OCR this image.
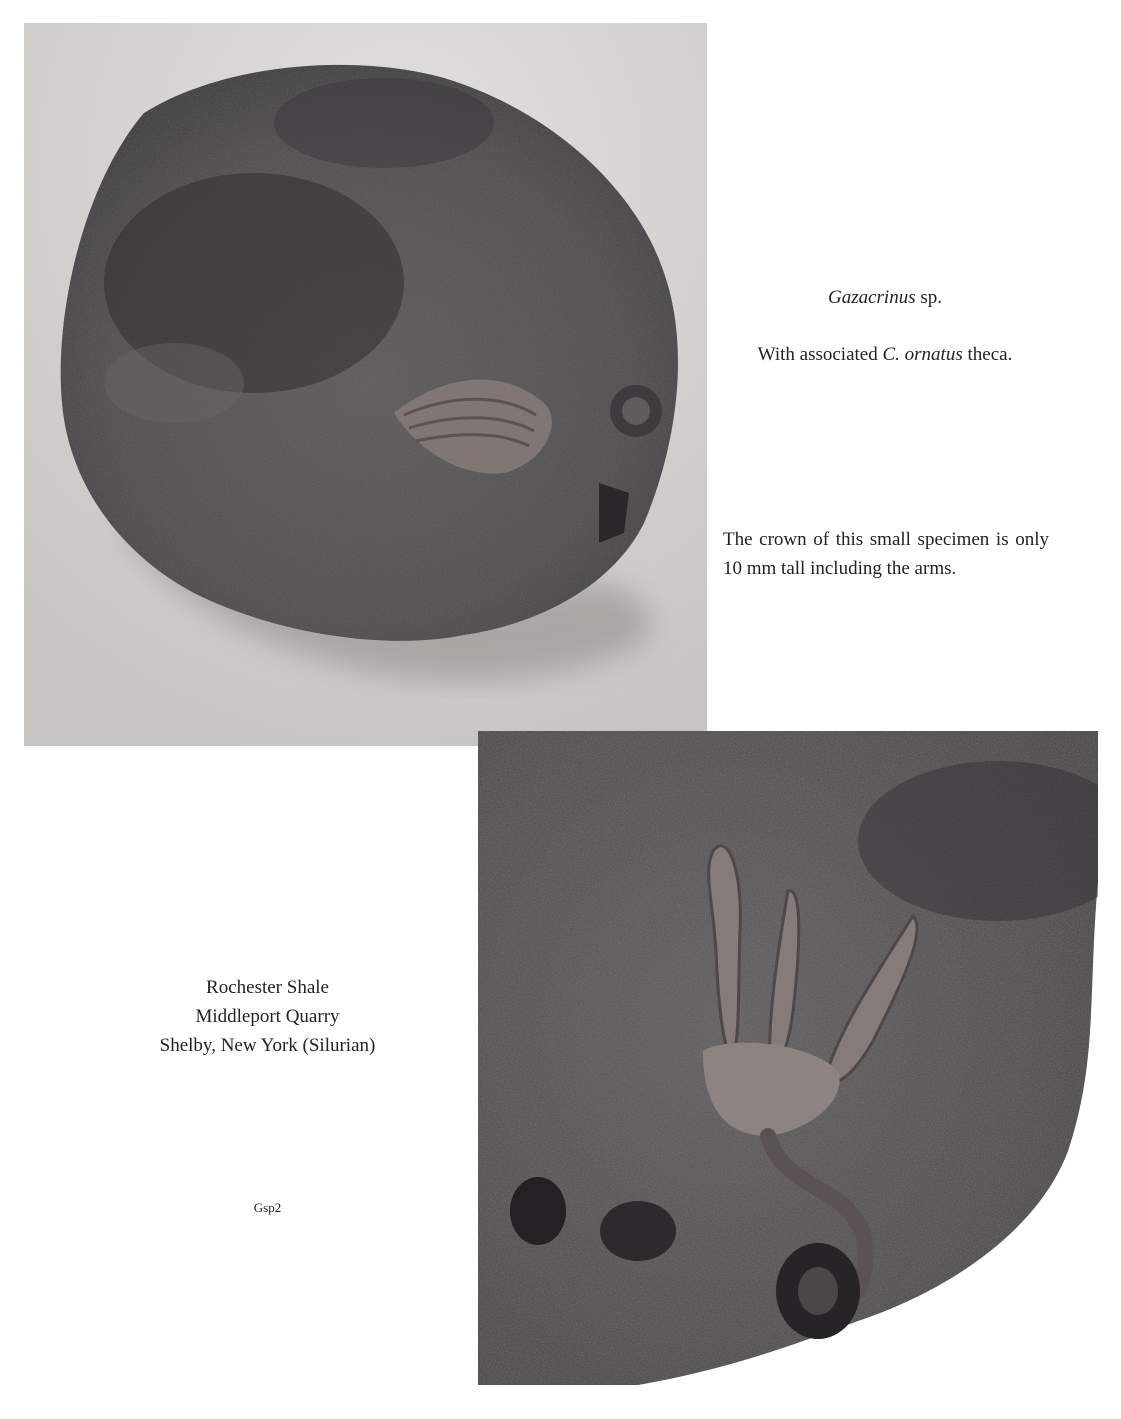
Gazacrinus sp.
With associated C. ornatus theca.
The crown of this small specimen is only 10 mm tall including the arms.
Rochester Shale
Middleport Quarry
Shelby, New York (Silurian)
Gsp2
